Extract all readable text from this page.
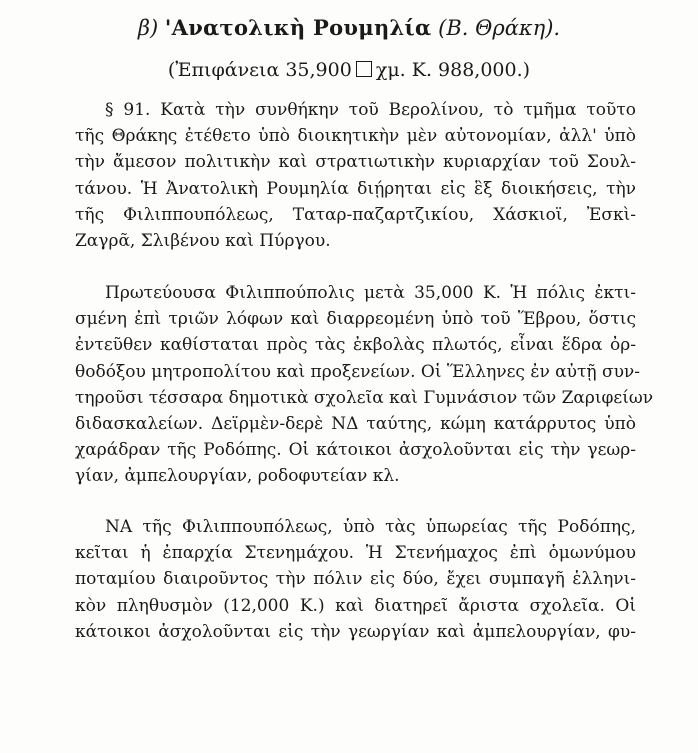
β) 'Ανατολικὴ Ρουμηλία (Β. Θράκη).
(Ἐπιφάνεια 35,900 χμ. Κ. 988,000.)
§ 91. Κατὰ τὴν συνθήκην τοῦ Βερολίνου, τὸ τμῆμα τοῦτο
τῆς Θράκης ἐτέθετο ὑπὸ διοικητικὴν μὲν αὐτονομίαν, ἀλλ' ὑπὸ
τὴν ἄμεσον πολιτικὴν καὶ στρατιωτικὴν κυριαρχίαν τοῦ Σουλ-
τάνου. Ἡ Ἀνατολικὴ Ρουμηλία διῄρηται εἰς ἓξ διοικήσεις, τὴν
τῆς Φιλιππουπόλεως, Ταταρ-παζαρτζικίου, Χάσκιοϊ, Ἐσκὶ-
Ζαγρᾶ, Σλιβένου καὶ Πύργου.
Πρωτεύουσα Φιλιππούπολις μετὰ 35,000 Κ. Ἡ πόλις ἐκτι-
σμένη ἐπὶ τριῶν λόφων καὶ διαρρεομένη ὑπὸ τοῦ Ἕβρου, ὅστις
ἐντεῦθεν καθίσταται πρὸς τὰς ἐκβολὰς πλωτός, εἶναι ἕδρα ὀρ-
θοδόξου μητροπολίτου καὶ προξενείων. Οἱ Ἕλληνες ἐν αὐτῇ συν-
τηροῦσι τέσσαρα δημοτικὰ σχολεῖα καὶ Γυμνάσιον τῶν Ζαριφείων
διδασκαλείων. Δεϊρμὲν-δερὲ ΝΔ ταύτης, κώμη κατάρρυτος ὑπὸ
χαράδραν τῆς Ροδόπης. Οἱ κάτοικοι ἀσχολοῦνται εἰς τὴν γεωρ-
γίαν, ἀμπελουργίαν, ροδοφυτείαν κλ.
ΝΑ τῆς Φιλιππουπόλεως, ὑπὸ τὰς ὑπωρείας τῆς Ροδόπης,
κεῖται ἡ ἐπαρχία Στενημάχου. Ἡ Στενήμαχος ἐπὶ ὁμωνύμου
ποταμίου διαιροῦντος τὴν πόλιν εἰς δύο, ἔχει συμπαγῆ ἑλληνι-
κὸν πληθυσμὸν (12,000 Κ.) καὶ διατηρεῖ ἄριστα σχολεῖα. Οἱ
κάτοικοι ἀσχολοῦνται εἰς τὴν γεωργίαν καὶ ἀμπελουργίαν, φυ-
